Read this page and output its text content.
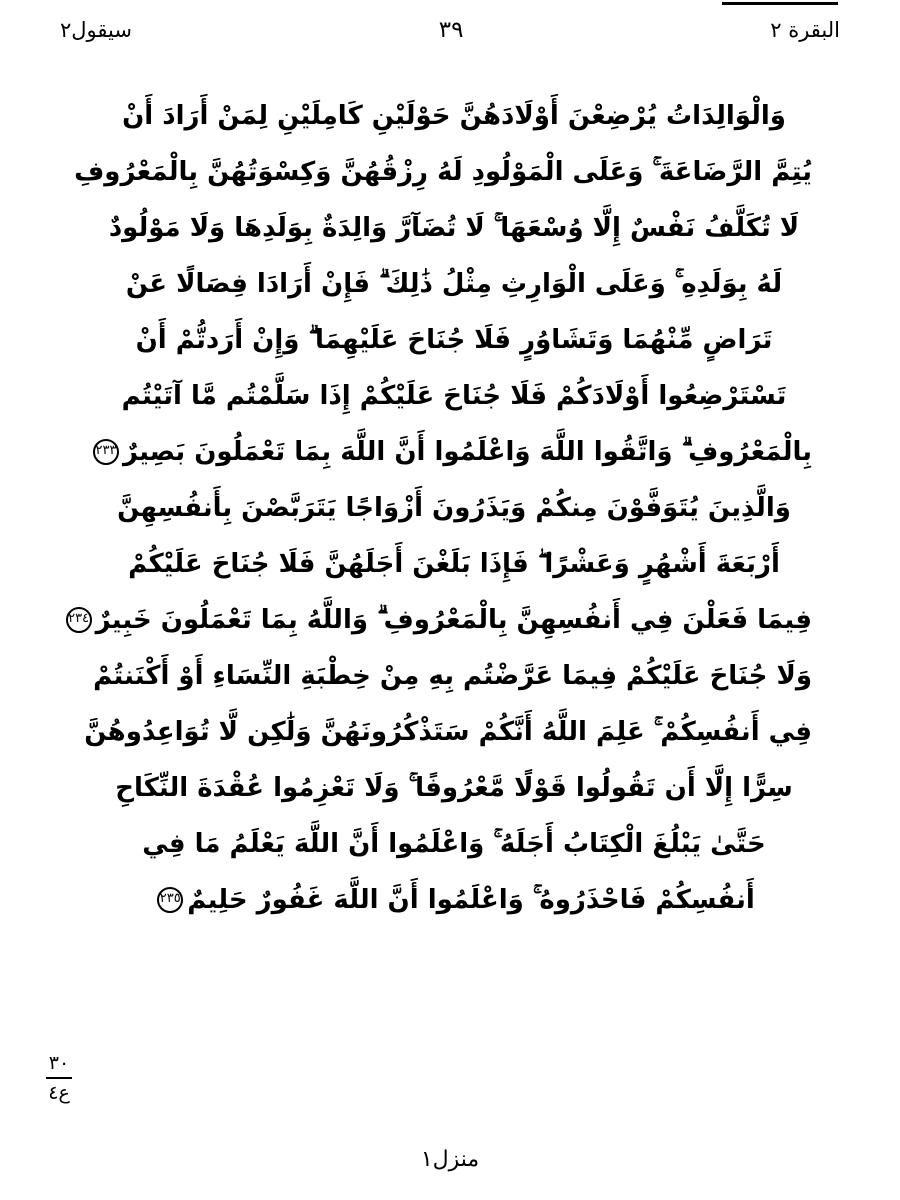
البقرة ٢
٣٩
سيقول٢
وَالْوَالِدَاتُ يُرْضِعْنَ أَوْلَادَهُنَّ حَوْلَيْنِ كَامِلَيْنِ لِمَنْ أَرَادَ أَنْ
يُتِمَّ الرَّضَاعَةَ ۚ وَعَلَى الْمَوْلُودِ لَهُ رِزْقُهُنَّ وَكِسْوَتُهُنَّ بِالْمَعْرُوفِ
لَا تُكَلَّفُ نَفْسٌ إِلَّا وُسْعَهَا ۚ لَا تُضَآرَّ وَالِدَةٌ بِوَلَدِهَا وَلَا مَوْلُودٌ
لَهُ بِوَلَدِهِ ۚ وَعَلَى الْوَارِثِ مِثْلُ ذَٰلِكَ ۗ فَإِنْ أَرَادَا فِصَالًا عَنْ
تَرَاضٍ مِّنْهُمَا وَتَشَاوُرٍ فَلَا جُنَاحَ عَلَيْهِمَا ۗ وَإِنْ أَرَدتُّمْ أَنْ
تَسْتَرْضِعُوا أَوْلَادَكُمْ فَلَا جُنَاحَ عَلَيْكُمْ إِذَا سَلَّمْتُم مَّا آتَيْتُم
بِالْمَعْرُوفِ ۗ وَاتَّقُوا اللَّهَ وَاعْلَمُوا أَنَّ اللَّهَ بِمَا تَعْمَلُونَ بَصِيرٌ٢٣٣
وَالَّذِينَ يُتَوَفَّوْنَ مِنكُمْ وَيَذَرُونَ أَزْوَاجًا يَتَرَبَّصْنَ بِأَنفُسِهِنَّ
أَرْبَعَةَ أَشْهُرٍ وَعَشْرًا ۖ فَإِذَا بَلَغْنَ أَجَلَهُنَّ فَلَا جُنَاحَ عَلَيْكُمْ
فِيمَا فَعَلْنَ فِي أَنفُسِهِنَّ بِالْمَعْرُوفِ ۗ وَاللَّهُ بِمَا تَعْمَلُونَ خَبِيرٌ٢٣٤
وَلَا جُنَاحَ عَلَيْكُمْ فِيمَا عَرَّضْتُم بِهِ مِنْ خِطْبَةِ النِّسَاءِ أَوْ أَكْنَنتُمْ
فِي أَنفُسِكُمْ ۚ عَلِمَ اللَّهُ أَنَّكُمْ سَتَذْكُرُونَهُنَّ وَلَٰكِن لَّا تُوَاعِدُوهُنَّ
سِرًّا إِلَّا أَن تَقُولُوا قَوْلًا مَّعْرُوفًا ۚ وَلَا تَعْزِمُوا عُقْدَةَ النِّكَاحِ
حَتَّىٰ يَبْلُغَ الْكِتَابُ أَجَلَهُ ۚ وَاعْلَمُوا أَنَّ اللَّهَ يَعْلَمُ مَا فِي
أَنفُسِكُمْ فَاحْذَرُوهُ ۚ وَاعْلَمُوا أَنَّ اللَّهَ غَفُورٌ حَلِيمٌ٢٣٥
٣٠
ع٤
منزل١
